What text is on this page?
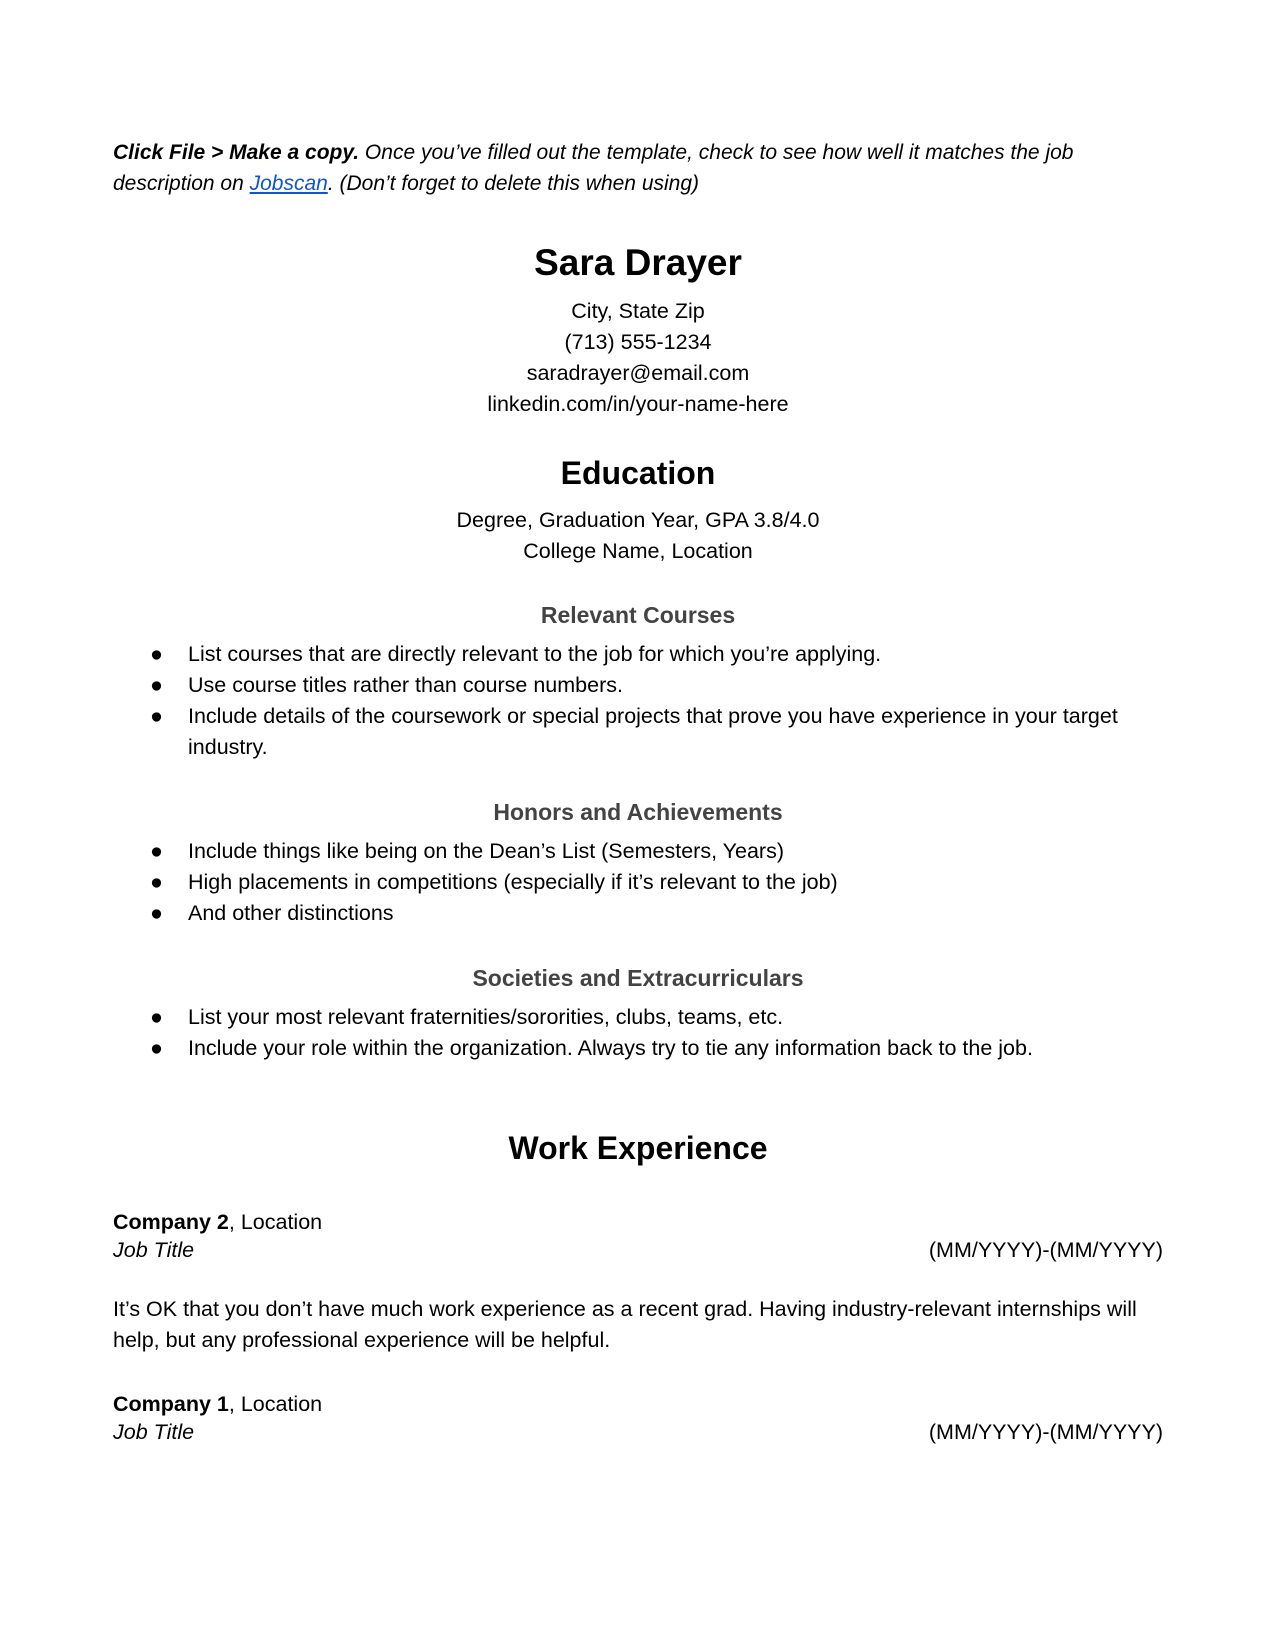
Click File > Make a copy. Once you’ve filled out the template, check to see how well it matches the job description on Jobscan. (Don’t forget to delete this when using)

Sara Drayer
City, State Zip
(713) 555-1234
saradrayer@email.com
linkedin.com/in/your-name-here
Education
Degree, Graduation Year, GPA 3.8/4.0
College Name, Location
Relevant Courses
● List courses that are directly relevant to the job for which you’re applying.
● Use course titles rather than course numbers.
● Include details of the coursework or special projects that prove you have experience in your target industry.
Honors and Achievements
● Include things like being on the Dean’s List (Semesters, Years)
● High placements in competitions (especially if it’s relevant to the job)
● And other distinctions
Societies and Extracurriculars
● List your most relevant fraternities/sororities, clubs, teams, etc.
● Include your role within the organization. Always try to tie any information back to the job.
Work Experience
Company 2, Location
Job Title	(MM/YYYY)-(MM/YYYY)
It’s OK that you don’t have much work experience as a recent grad. Having industry-relevant internships will help, but any professional experience will be helpful.
Company 1, Location
Job Title	(MM/YYYY)-(MM/YYYY)
